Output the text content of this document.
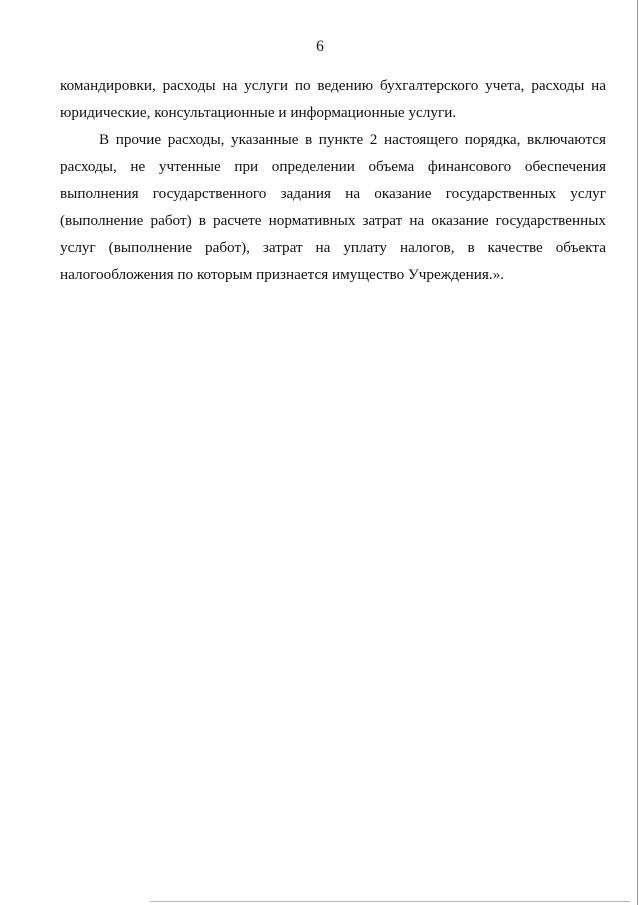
6

командировки, расходы на услуги по ведению бухгалтерского учета, расходы на юридические, консультационные и информационные услуги.

В прочие расходы, указанные в пункте 2 настоящего порядка, включаются расходы, не учтенные при определении объема финансового обеспечения выполнения государственного задания на оказание государственных услуг (выполнение работ) в расчете нормативных затрат на оказание государственных услуг (выполнение работ), затрат на уплату налогов, в качестве объекта налогообложения по которым признается имущество Учреждения.».
